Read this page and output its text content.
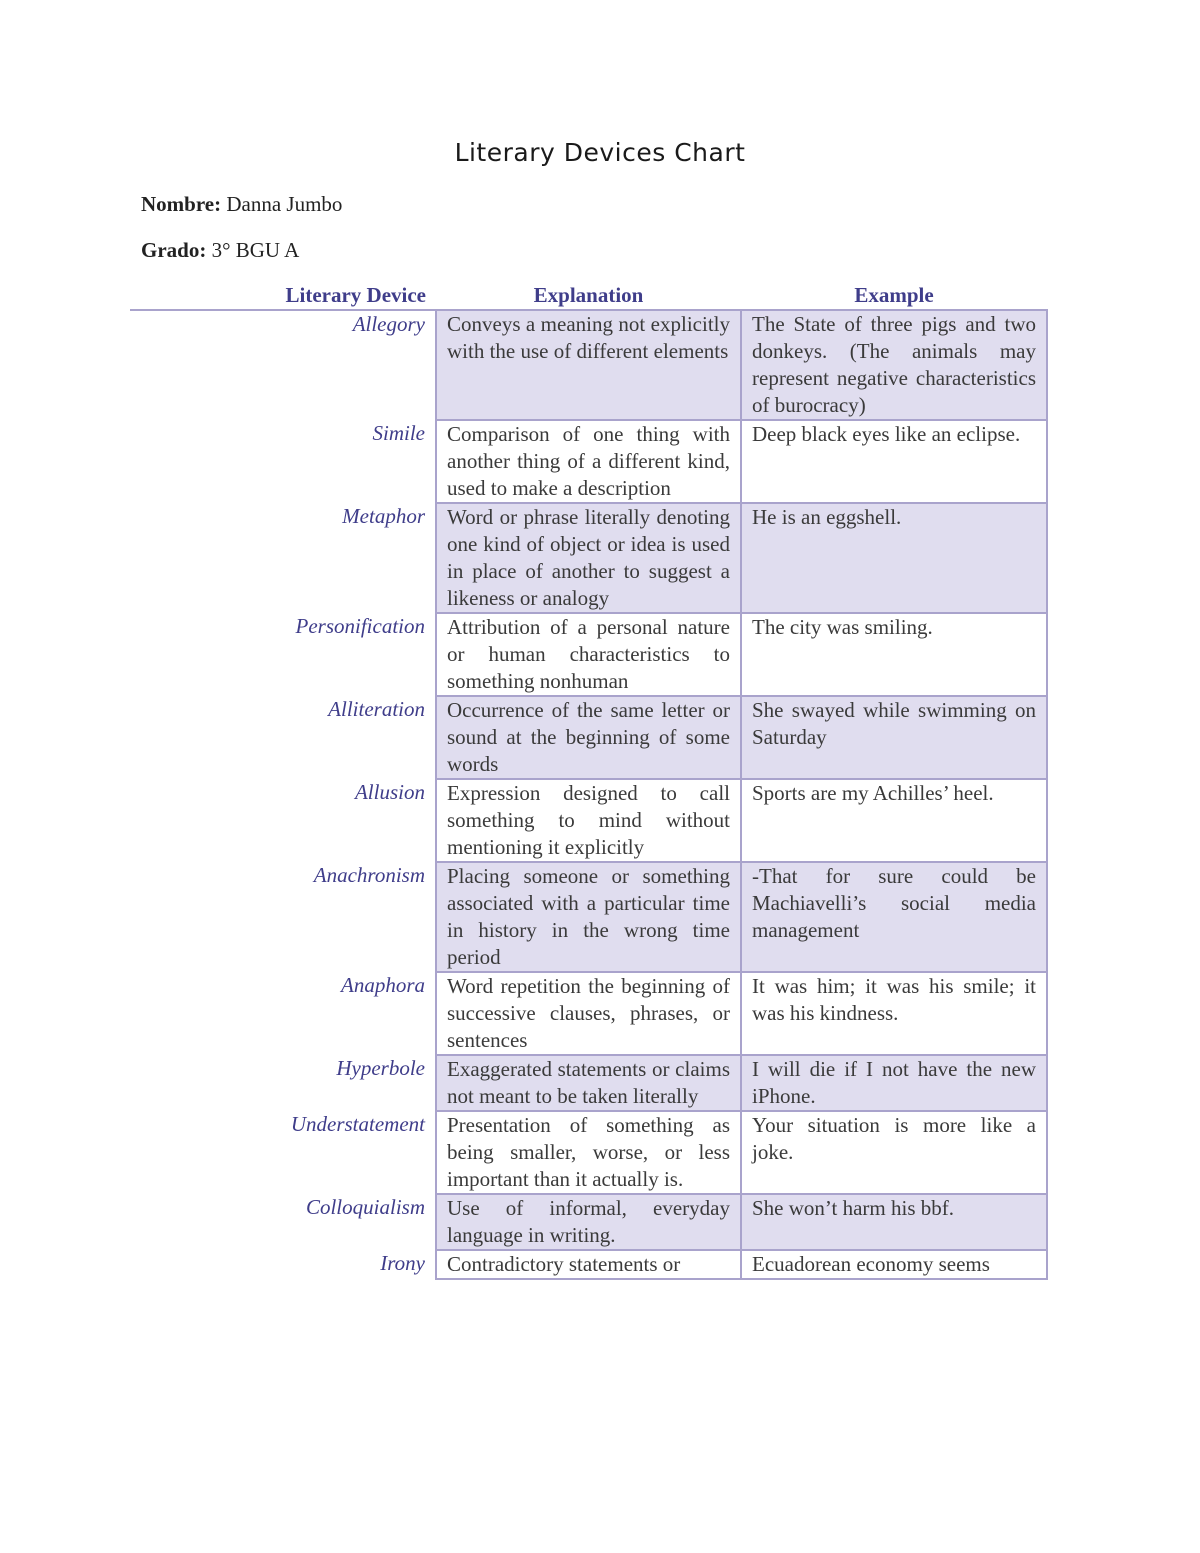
Literary Devices Chart
Nombre: Danna Jumbo
Grado: 3° BGU A
Literary Device	Explanation	Example
Allegory	Conveys a meaning not explicitly with the use of different elements	The State of three pigs and two donkeys. (The animals may represent negative characteristics of burocracy)
Simile	Comparison of one thing with another thing of a different kind, used to make a description	Deep black eyes like an eclipse.
Metaphor	Word or phrase literally denoting one kind of object or idea is used in place of another to suggest a likeness or analogy	He is an eggshell.
Personification	Attribution of a personal nature or human characteristics to something nonhuman	The city was smiling.
Alliteration	Occurrence of the same letter or sound at the beginning of some words	She swayed while swimming on Saturday
Allusion	Expression designed to call something to mind without mentioning it explicitly	Sports are my Achilles’ heel.
Anachronism	Placing someone or something associated with a particular time in history in the wrong time period	-That for sure could be Machiavelli’s social media management
Anaphora	Word repetition the beginning of successive clauses, phrases, or sentences	It was him; it was his smile; it was his kindness.
Hyperbole	Exaggerated statements or claims not meant to be taken literally	I will die if I not have the new iPhone.
Understatement	Presentation of something as being smaller, worse, or less important than it actually is.	Your situation is more like a joke.
Colloquialism	Use of informal, everyday language in writing.	She won’t harm his bbf.
Irony	Contradictory statements or	Ecuadorean economy seems
